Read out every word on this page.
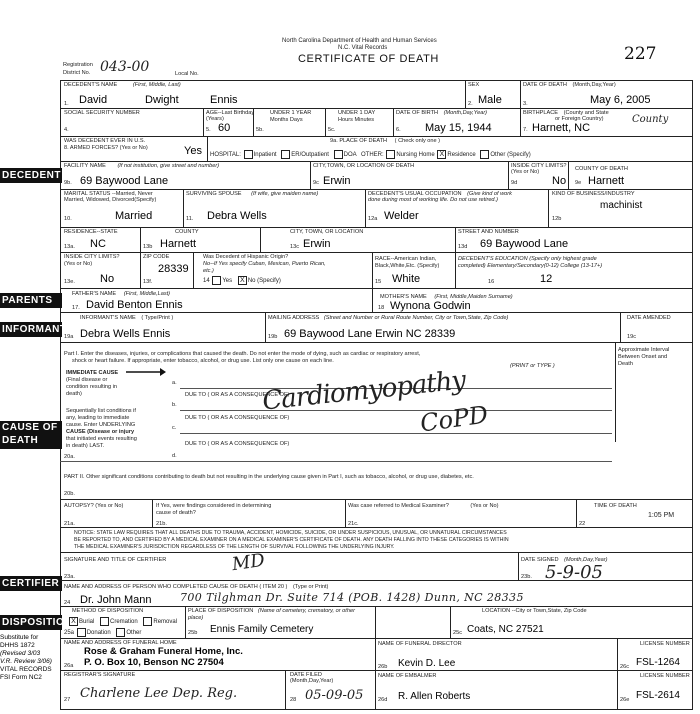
North Carolina Department of Health and Human Services
N.C. Vital Records
CERTIFICATE OF DEATH	227
Registration
District No. 043-00	Local No.
DECEDENT
PARENTS
INFORMANT
CAUSE OF
DEATH
CERTIFIER
DISPOSITION
Substitute for
DHHS 1872
(Revised 3/03
V.R. Review 3/06)
VITAL RECORDS
FSI Form NC2
DECEDENT'S NAME	(First, Middle, Last)
1. David	Dwight	Ennis
SEX
2. Male
DATE OF DEATH (Month,Day,Year)
3.	May 6, 2005
SOCIAL SECURITY NUMBER
4.
AGE--Last Birthday
(Years)
5. 60
UNDER 1 YEAR
Months Days
5b.
UNDER 1 DAY
Hours Minutes
5c.
DATE OF BIRTH (Month,Day,Year)
6. May 15, 1944
BIRTHPLACE (County and State
or Foreign Country)
7. Harnett, NC
County
WAS DECEDENT EVER IN U.S.
8. ARMED FORCES? (Yes or No)	Yes
9a. PLACE OF DEATH ( Check only one )
HOSPITAL: Inpatient ER/Outpatient DOA OTHER: Nursing Home X Residence Other (Specify)
FACILITY NAME (If not institution, give street and number)
9b. 69 Baywood Lane
CITY,TOWN, OR LOCATION OF DEATH
9c Erwin
INSIDE CITY LIMITS?
(Yes or No)
9d	No
COUNTY OF DEATH
9e Harnett
MARITAL STATUS --Married, Never
Married, Widowed, Divorced(Specify)
10.	Married
SURVIVING SPOUSE (If wife, give maiden name)
11. Debra Wells
DECEDENT'S USUAL OCCUPATION (Give kind of work
done during most of working life. Do not use retired.)
12a Welder
KIND OF BUSINESS/INDUSTRY
machinist
12b
RESIDENCE--STATE
13a. NC
COUNTY
13b Harnett
CITY, TOWN, OR LOCATION
13c Erwin
STREET AND NUMBER
13d 69 Baywood Lane
INSIDE CITY LIMITS?
(Yes or No)
13e. No
ZIP CODE
28339
13f.
Was Decedent of Hispanic Origin?
No--If Yes specify Cuban, Mexican, Puerto Rican,
etc.)
14 Yes X No (Specify)
RACE--American Indian,
Black,White,Etc. (Specify)
15 White
DECEDENT'S EDUCATION (Specify only highest grade
completed) Elementary/Secondary(0-12) College (13-17+)
16	12
FATHER'S NAME (First, Middle,Last)
17. David Benton Ennis
MOTHER'S NAME (First, Middle,Maiden Surname)
18 Wynona Godwin
INFORMANT'S NAME ( Type/Print )
19a Debra Wells Ennis
MAILING ADDRESS (Street and Number or Rural Route Number, City or Town,State, Zip Code)
19b 69 Baywood Lane Erwin NC 28339
DATE AMENDED
19c
Part I. Enter the diseases, injuries, or complications that caused the death. Do not enter the mode of dying, such as cardiac or respiratory arrest,
shock or heart failure. If appropriate, enter tobacco, alcohol, or drug use. List only one cause on each line.
(PRINT or TYPE )
Approximate Interval
Between Onset and
Death
IMMEDIATE CAUSE
(Final disease or
condition resulting in
death)
Sequentially list conditions if
any, leading to immediate
cause. Enter UNDERLYING
CAUSE (Disease or injury
that initiated events resulting
in death) LAST.
a.
DUE TO ( OR AS A CONSEQUENCE OF)
b.
DUE TO ( OR AS A CONSEQUENCE OF)
c.
DUE TO ( OR AS A CONSEQUENCE OF)
d.
20a.
Cardiomyopathy
CoPD
PART II. Other significant conditions contributing to death but not resulting in the underlying cause given in Part I, such as tobacco, alcohol, or drug use, diabetes, etc.
20b.
AUTOPSY? (Yes or No)
21a.
If Yes, were findings considered in determining
cause of death?
21b.
Was case referred to Medical Examiner?	(Yes or No)
21c.
TIME OF DEATH
22
1:05 PM
NOTICE: STATE LAW REQUIRES THAT ALL DEATHS DUE TO TRAUMA, ACCIDENT, HOMICIDE, SUICIDE, OR UNDER SUSPICIOUS, UNUSUAL, OR UNNATURAL CIRCUMSTANCES
BE REPORTED TO, AND CERTIFIED BY A MEDICAL EXAMINER ON A MEDICAL EXAMINER'S CERTIFICATE OF DEATH. ANY DEATH FALLING INTO THESE CATEGORIES IS WITHIN
THE MEDICAL EXAMINER'S JURISDICTION REGARDLESS OF THE LENGTH OF SURVIVAL FOLLOWING THE UNDERLYING INJURY.
SIGNATURE AND TITLE OF CERTIFIER	MD
23a.
DATE SIGNED (Month,Day,Year)
23b. 5-9-05
NAME AND ADDRESS OF PERSON WHO COMPLETED CAUSE OF DEATH ( ITEM 20 ) (Type or Print)
24 Dr. John Mann	700 Tilghman Dr. Suite 714 (POB. 1428) Dunn, NC 28335
METHOD OF DISPOSITION
X Burial	Cremation	Removal
25a Donation	Other
PLACE OF DISPOSITION (Name of cemetery, crematory, or other
place)
25b Ennis Family Cemetery
LOCATION --City or Town,State, Zip Code
25c Coats, NC 27521
NAME AND ADDRESS OF FUNERAL HOME
Rose & Graham Funeral Home, Inc.
26a P. O. Box 10, Benson NC 27504
NAME OF FUNERAL DIRECTOR
26b Kevin D. Lee
LICENSE NUMBER
26c FSL-1264
REGISTRAR'S SIGNATURE
27 Charlene Lee Dep. Reg.
DATE FILED
(Month,Day,Year)
28 05-09-05
NAME OF EMBALMER
26d R. Allen Roberts
LICENSE NUMBER
26e FSL-2614
